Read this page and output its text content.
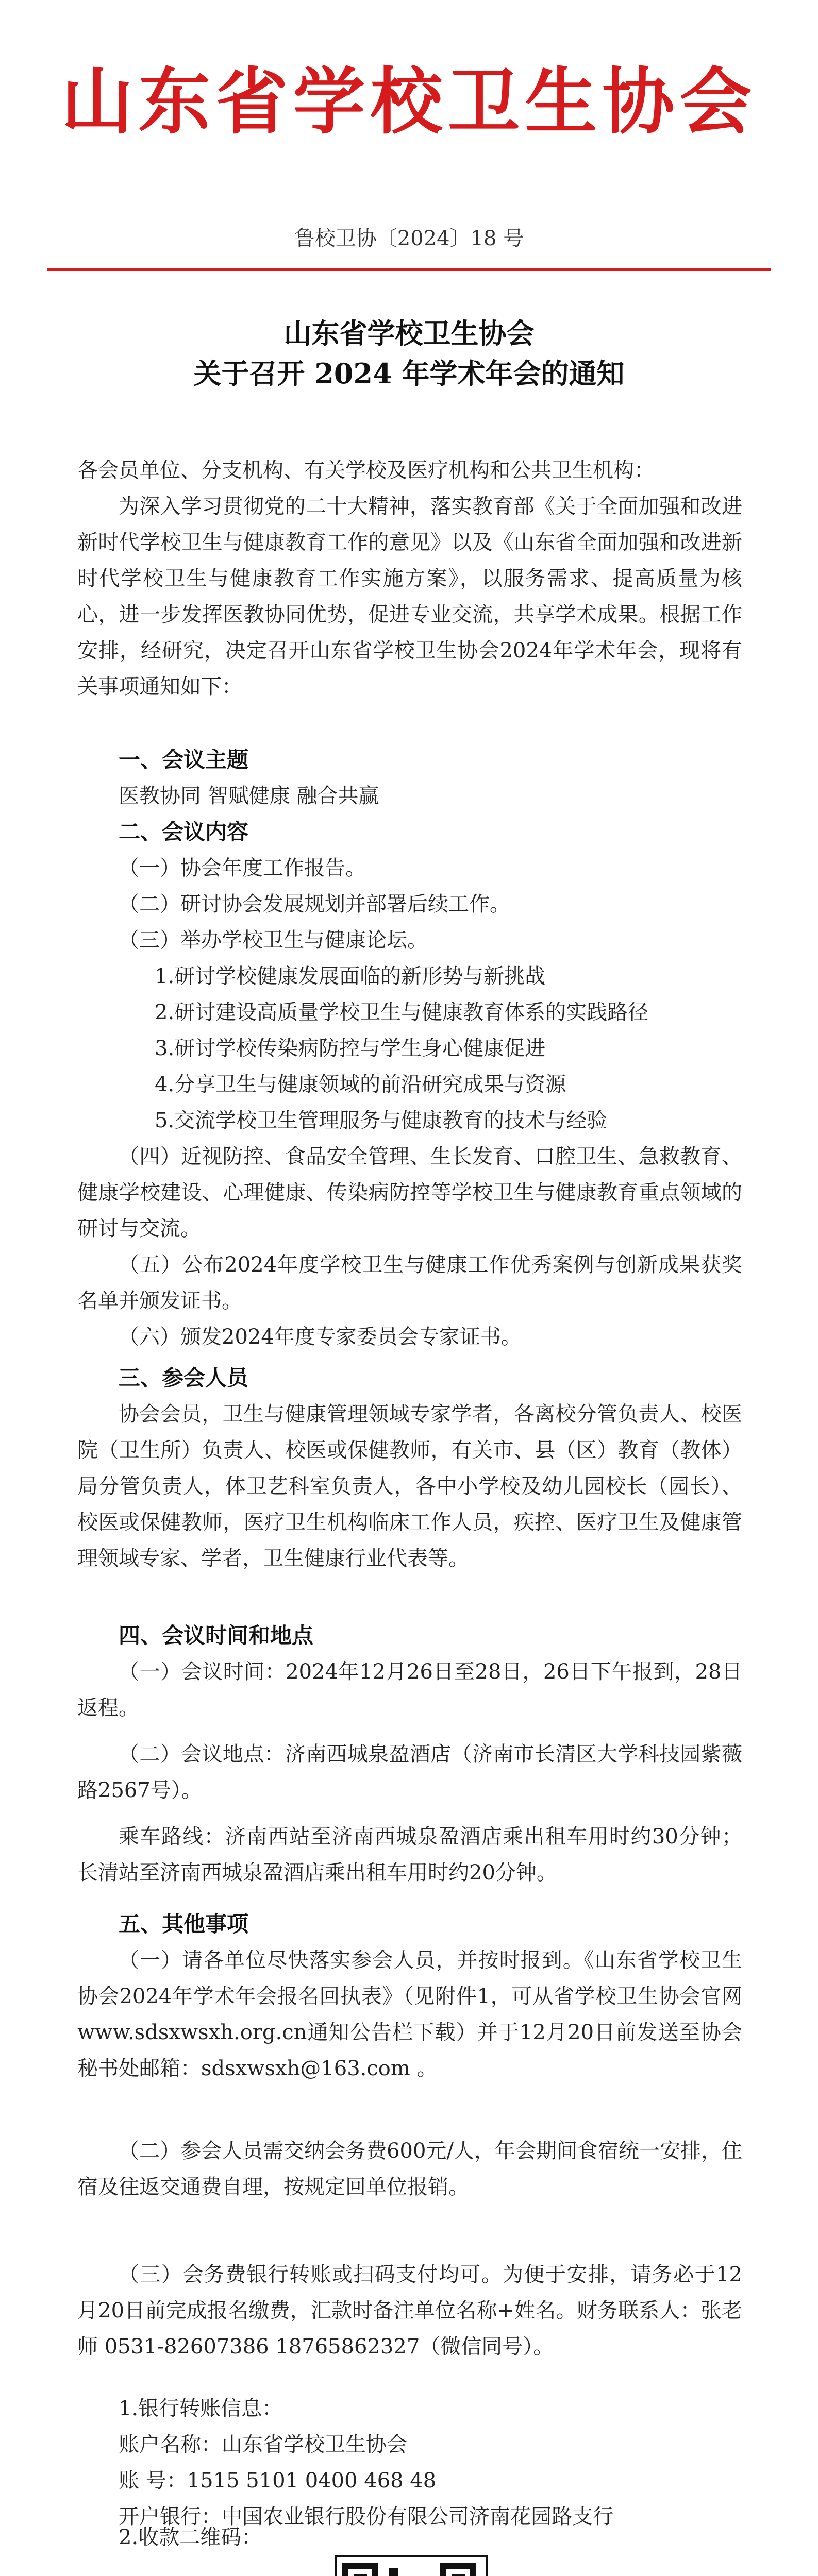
山东省学校卫生协会
鲁校卫协〔2024〕18 号
山东省学校卫生协会
关于召开 2024 年学术年会的通知

各会员单位、分支机构、有关学校及医疗机构和公共卫生机构：

为深入学习贯彻党的二十大精神，落实教育部《关于全面加强和改进新时代学校卫生与健康教育工作的意见》以及《山东省全面加强和改进新时代学校卫生与健康教育工作实施方案》，以服务需求、提高质量为核心，进一步发挥医教协同优势，促进专业交流，共享学术成果。根据工作安排，经研究，决定召开山东省学校卫生协会2024年学术年会，现将有关事项通知如下：

一、会议主题
医教协同 智赋健康 融合共赢
二、会议内容
（一）协会年度工作报告。
（二）研讨协会发展规划并部署后续工作。
（三）举办学校卫生与健康论坛。
1.研讨学校健康发展面临的新形势与新挑战
2.研讨建设高质量学校卫生与健康教育体系的实践路径
3.研讨学校传染病防控与学生身心健康促进
4.分享卫生与健康领域的前沿研究成果与资源
5.交流学校卫生管理服务与健康教育的技术与经验

（四）近视防控、食品安全管理、生长发育、口腔卫生、急救教育、健康学校建设、心理健康、传染病防控等学校卫生与健康教育重点领域的研讨与交流。

（五）公布2024年度学校卫生与健康工作优秀案例与创新成果获奖名单并颁发证书。

（六）颁发2024年度专家委员会专家证书。
三、参会人员

协会会员，卫生与健康管理领域专家学者，各离校分管负责人、校医院（卫生所）负责人、校医或保健教师，有关市、县（区）教育（教体）局分管负责人，体卫艺科室负责人，各中小学校及幼儿园校长（园长）、校医或保健教师，医疗卫生机构临床工作人员，疾控、医疗卫生及健康管理领域专家、学者，卫生健康行业代表等。

四、会议时间和地点

（一）会议时间：2024年12月26日至28日，26日下午报到，28日返程。

（二）会议地点：济南西城泉盈酒店（济南市长清区大学科技园紫薇路2567号）。

乘车路线：济南西站至济南西城泉盈酒店乘出租车用时约30分钟；长清站至济南西城泉盈酒店乘出租车用时约20分钟。

五、其他事项

（一）请各单位尽快落实参会人员，并按时报到。《山东省学校卫生协会2024年学术年会报名回执表》（见附件1，可从省学校卫生协会官网www.sdsxwsxh.org.cn通知公告栏下载）并于12月20日前发送至协会秘书处邮箱：sdsxwsxh@163.com 。

（二）参会人员需交纳会务费600元/人，年会期间食宿统一安排，住宿及往返交通费自理，按规定回单位报销。

（三）会务费银行转账或扫码支付均可。为便于安排，请务必于12月20日前完成报名缴费，汇款时备注单位名称+姓名。财务联系人：张老师 0531-82607386 18765862327（微信同号）。

1.银行转账信息：
账户名称：山东省学校卫生协会
账 号：1515 5101 0400 468 48
开户银行：中国农业银行股份有限公司济南花园路支行
2.收款二维码：
